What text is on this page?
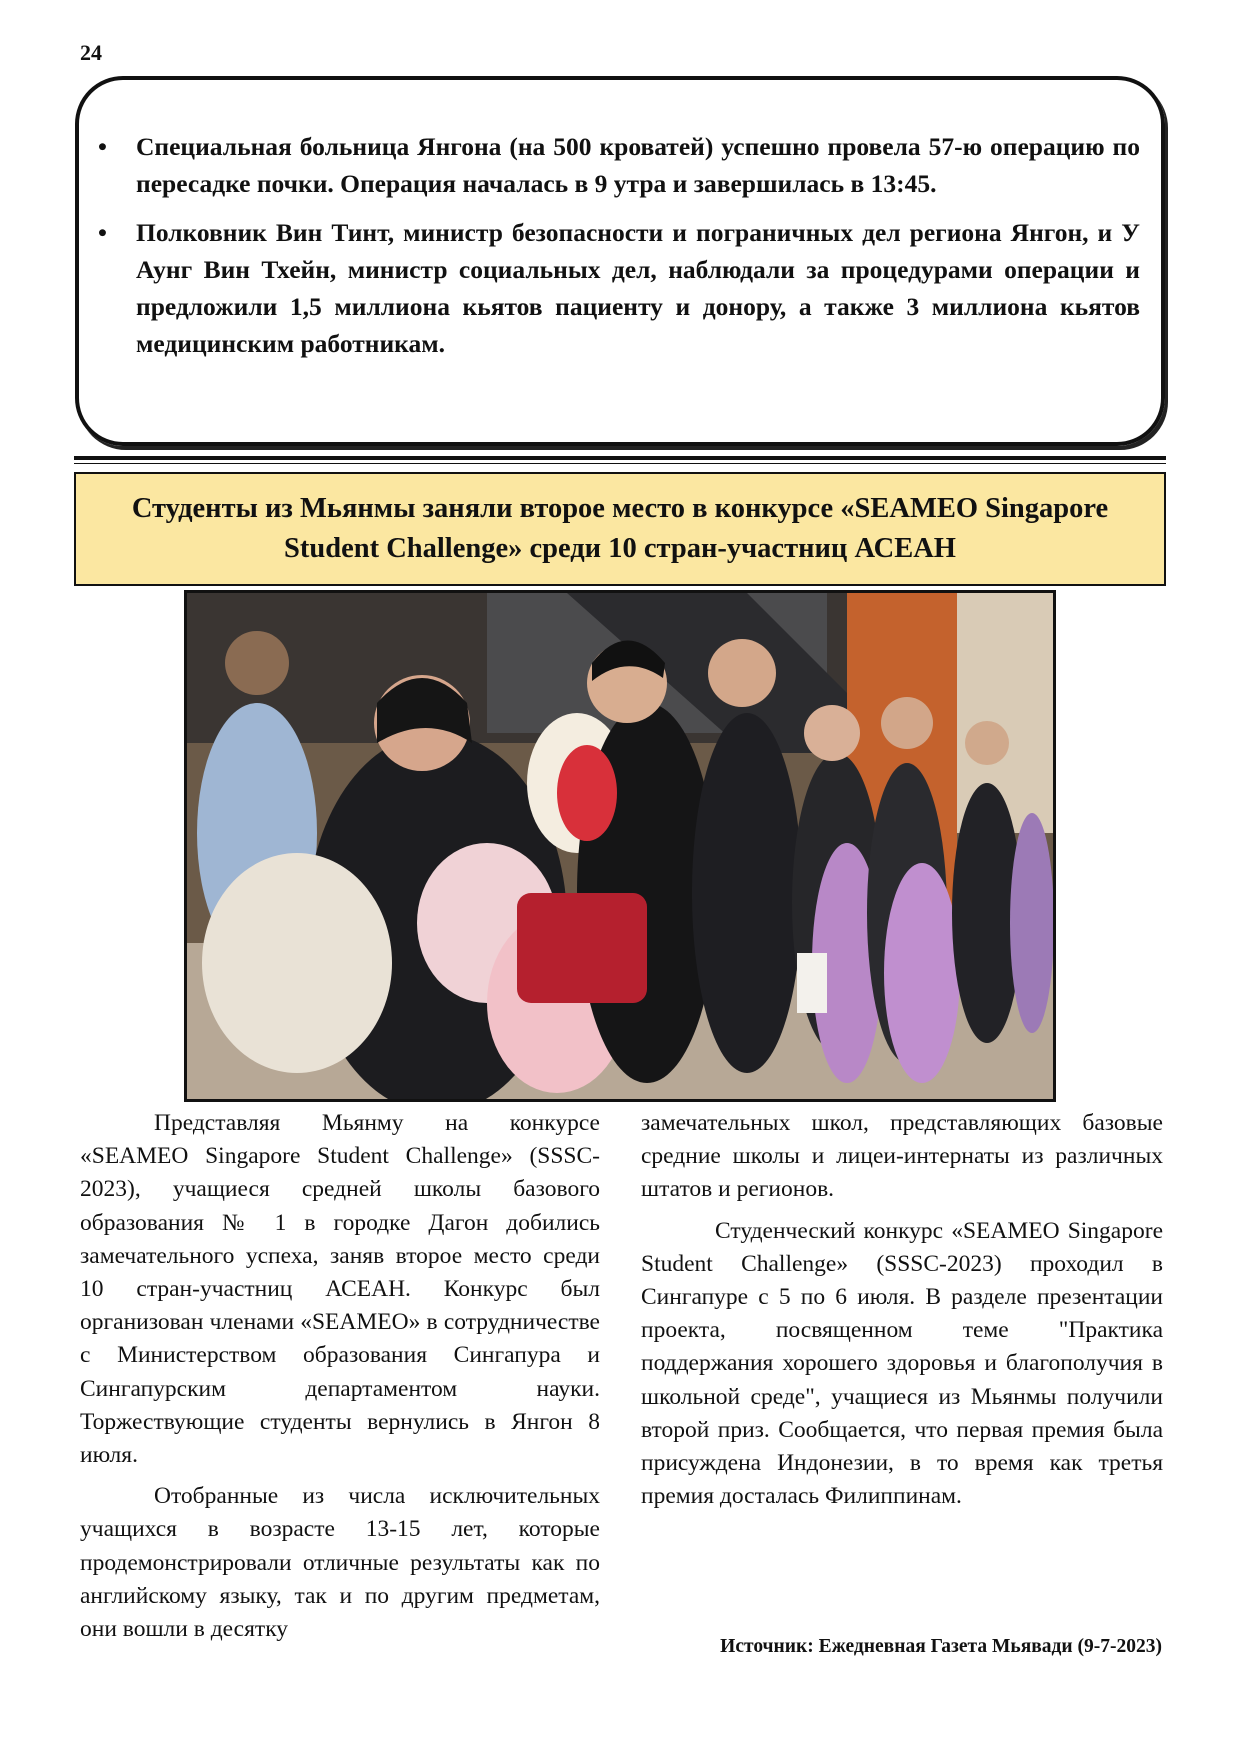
24
• Специальная больница Янгона (на 500 кроватей) успешно провела 57-ю операцию по пересадке почки. Операция началась в 9 утра и завершилась в 13:45.
• Полковник Вин Тинт, министр безопасности и пограничных дел региона Янгон, и У Аунг Вин Тхейн, министр социальных дел, наблюдали за процедурами операции и предложили 1,5 миллиона кьятов пациенту и донору, а также 3 миллиона кьятов медицинским работникам.
Студенты из Мьянмы заняли второе место в конкурсе «SEAMEO Singapore Student Challenge» среди 10 стран-участниц АСЕАН

Представляя Мьянму на конкурсе «SEAMEO Singapore Student Challenge» (SSSC-2023), учащиеся средней школы базового образования № 1 в городке Дагон добились замечательного успеха, заняв второе место среди 10 стран-участниц АСЕАН. Конкурс был организован членами «SEAMEO» в сотрудничестве с Министерством образования Сингапура и Сингапурским департаментом науки. Торжествующие студенты вернулись в Янгон 8 июля.

Отобранные из числа исключительных учащихся в возрасте 13-15 лет, которые продемонстрировали отличные результаты как по английскому языку, так и по другим предметам, они вошли в десятку

замечательных школ, представляющих базовые средние школы и лицеи-интернаты из различных штатов и регионов.

Студенческий конкурс «SEAMEO Singapore Student Challenge» (SSSC-2023) проходил в Сингапуре с 5 по 6 июля. В разделе презентации проекта, посвященном теме "Практика поддержания хорошего здоровья и благополучия в школьной среде", учащиеся из Мьянмы получили второй приз. Сообщается, что первая премия была присуждена Индонезии, в то время как третья премия досталась Филиппинам.

Источник: Ежедневная Газета Мьявади (9-7-2023)
